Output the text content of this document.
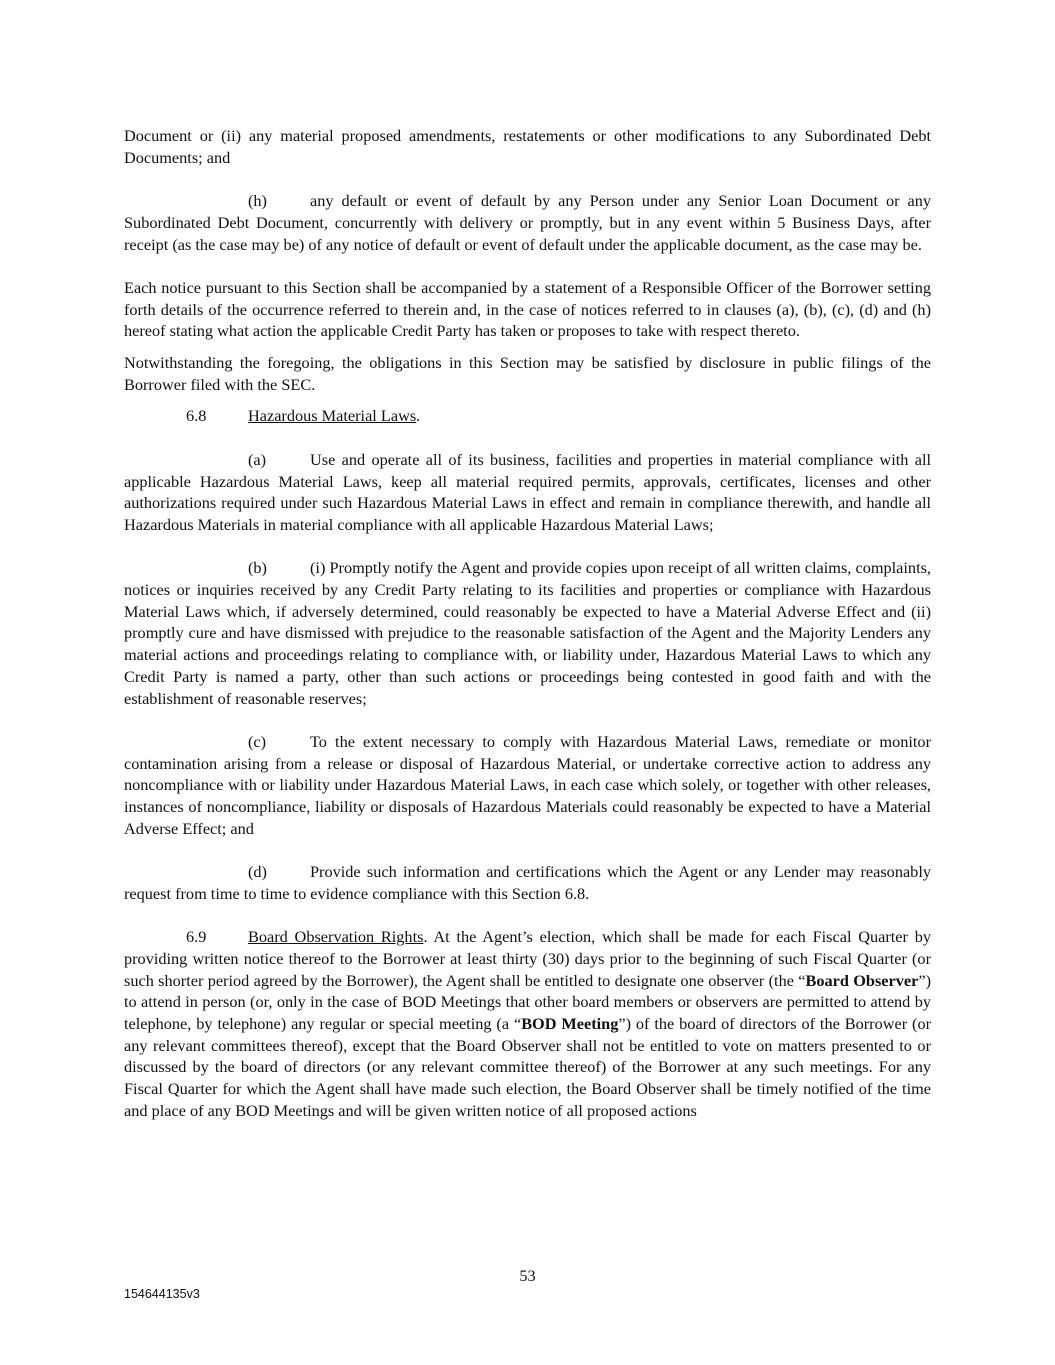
Document or (ii) any material proposed amendments, restatements or other modifications to any Subordinated Debt Documents; and

(h)	any default or event of default by any Person under any Senior Loan Document or any Subordinated Debt Document, concurrently with delivery or promptly, but in any event within 5 Business Days, after receipt (as the case may be) of any notice of default or event of default under the applicable document, as the case may be.

Each notice pursuant to this Section shall be accompanied by a statement of a Responsible Officer of the Borrower setting forth details of the occurrence referred to therein and, in the case of notices referred to in clauses (a), (b), (c), (d) and (h) hereof stating what action the applicable Credit Party has taken or proposes to take with respect thereto.

Notwithstanding the foregoing, the obligations in this Section may be satisfied by disclosure in public filings of the Borrower filed with the SEC.

6.8	Hazardous Material Laws.

(a)	Use and operate all of its business, facilities and properties in material compliance with all applicable Hazardous Material Laws, keep all material required permits, approvals, certificates, licenses and other authorizations required under such Hazardous Material Laws in effect and remain in compliance therewith, and handle all Hazardous Materials in material compliance with all applicable Hazardous Material Laws;

(b)	(i) Promptly notify the Agent and provide copies upon receipt of all written claims, complaints, notices or inquiries received by any Credit Party relating to its facilities and properties or compliance with Hazardous Material Laws which, if adversely determined, could reasonably be expected to have a Material Adverse Effect and (ii) promptly cure and have dismissed with prejudice to the reasonable satisfaction of the Agent and the Majority Lenders any material actions and proceedings relating to compliance with, or liability under, Hazardous Material Laws to which any Credit Party is named a party, other than such actions or proceedings being contested in good faith and with the establishment of reasonable reserves;

(c)	To the extent necessary to comply with Hazardous Material Laws, remediate or monitor contamination arising from a release or disposal of Hazardous Material, or undertake corrective action to address any noncompliance with or liability under Hazardous Material Laws, in each case which solely, or together with other releases, instances of noncompliance, liability or disposals of Hazardous Materials could reasonably be expected to have a Material Adverse Effect; and

(d)	Provide such information and certifications which the Agent or any Lender may reasonably request from time to time to evidence compliance with this Section 6.8.

6.9	Board Observation Rights. At the Agent’s election, which shall be made for each Fiscal Quarter by providing written notice thereof to the Borrower at least thirty (30) days prior to the beginning of such Fiscal Quarter (or such shorter period agreed by the Borrower), the Agent shall be entitled to designate one observer (the “Board Observer”) to attend in person (or, only in the case of BOD Meetings that other board members or observers are permitted to attend by telephone, by telephone) any regular or special meeting (a “BOD Meeting”) of the board of directors of the Borrower (or any relevant committees thereof), except that the Board Observer shall not be entitled to vote on matters presented to or discussed by the board of directors (or any relevant committee thereof) of the Borrower at any such meetings. For any Fiscal Quarter for which the Agent shall have made such election, the Board Observer shall be timely notified of the time and place of any BOD Meetings and will be given written notice of all proposed actions

53
154644135v3
